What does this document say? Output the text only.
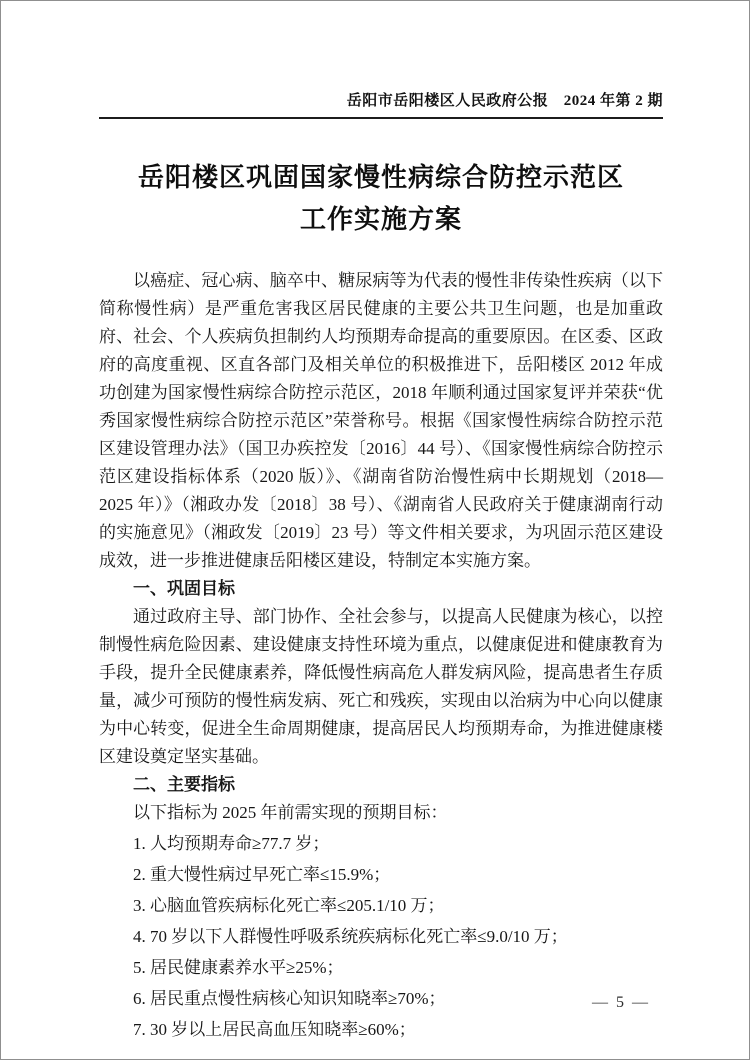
岳阳市岳阳楼区人民政府公报　2024 年第 2 期
岳阳楼区巩固国家慢性病综合防控示范区
工作实施方案

以癌症、冠心病、脑卒中、糖尿病等为代表的慢性非传染性疾病（以下简称慢性病）是严重危害我区居民健康的主要公共卫生问题，也是加重政府、社会、个人疾病负担制约人均预期寿命提高的重要原因。在区委、区政府的高度重视、区直各部门及相关单位的积极推进下，岳阳楼区 2012 年成功创建为国家慢性病综合防控示范区，2018 年顺利通过国家复评并荣获“优秀国家慢性病综合防控示范区”荣誉称号。根据《国家慢性病综合防控示范区建设管理办法》（国卫办疾控发〔2016〕44 号）、《国家慢性病综合防控示范区建设指标体系（2020 版）》、《湖南省防治慢性病中长期规划（2018—2025 年）》（湘政办发〔2018〕38 号）、《湖南省人民政府关于健康湖南行动的实施意见》（湘政发〔2019〕23 号）等文件相关要求，为巩固示范区建设成效，进一步推进健康岳阳楼区建设，特制定本实施方案。

一、巩固目标

通过政府主导、部门协作、全社会参与，以提高人民健康为核心，以控制慢性病危险因素、建设健康支持性环境为重点，以健康促进和健康教育为手段，提升全民健康素养，降低慢性病高危人群发病风险，提高患者生存质量，减少可预防的慢性病发病、死亡和残疾，实现由以治病为中心向以健康为中心转变，促进全生命周期健康，提高居民人均预期寿命，为推进健康楼区建设奠定坚实基础。

二、主要指标

以下指标为 2025 年前需实现的预期目标：

1. 人均预期寿命≥77.7 岁；

2. 重大慢性病过早死亡率≤15.9%；

3. 心脑血管疾病标化死亡率≤205.1/10 万；

4. 70 岁以下人群慢性呼吸系统疾病标化死亡率≤9.0/10 万；

5. 居民健康素养水平≥25%；

6. 居民重点慢性病核心知识知晓率≥70%；

7. 30 岁以上居民高血压知晓率≥60%；

— 5 —
